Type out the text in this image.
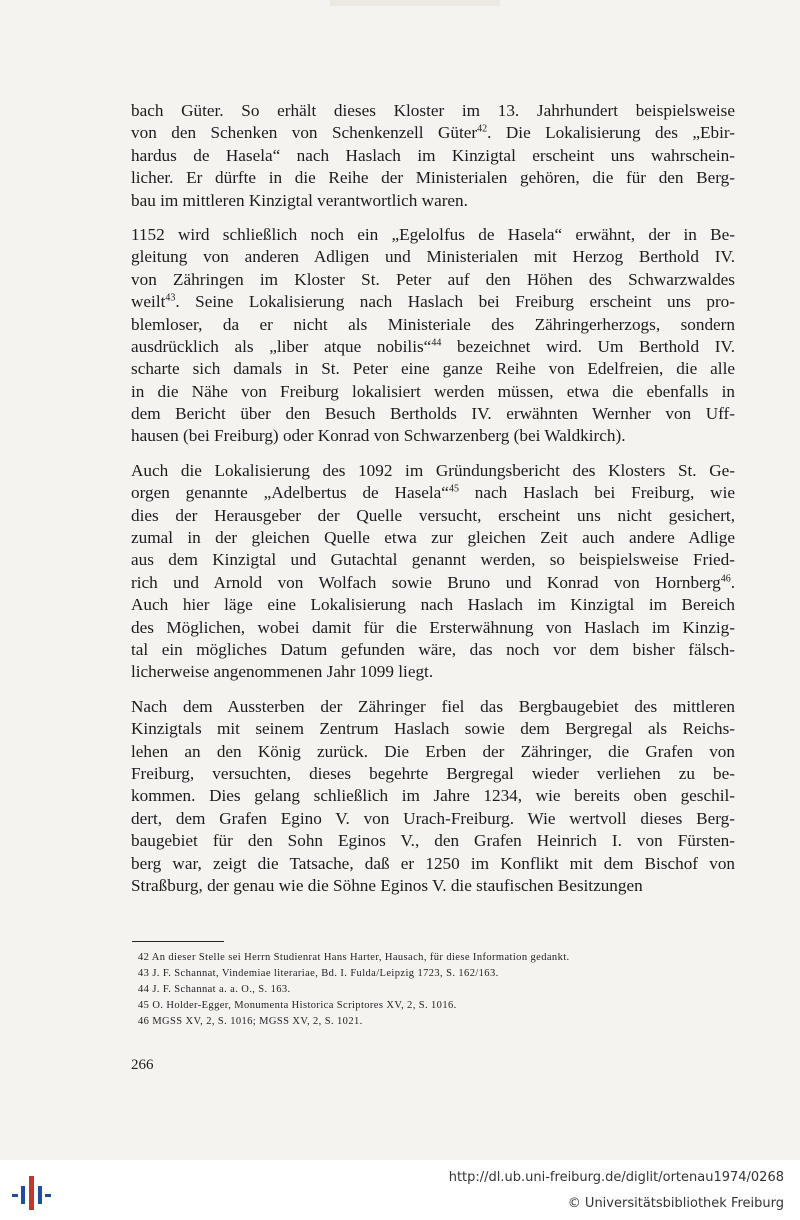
bach Güter. So erhält dieses Kloster im 13. Jahrhundert beispielsweise
von den Schenken von Schenkenzell Güter$^{42}$. Die Lokalisierung des „Ebir-
hardus de Hasela“ nach Haslach im Kinzigtal erscheint uns wahrschein-
licher. Er dürfte in die Reihe der Ministerialen gehören, die für den Berg-
bau im mittleren Kinzigtal verantwortlich waren.

1152 wird schließlich noch ein „Egelolfus de Hasela“ erwähnt, der in Be-
gleitung von anderen Adligen und Ministerialen mit Herzog Berthold IV.
von Zähringen im Kloster St. Peter auf den Höhen des Schwarzwaldes
weilt$^{43}$. Seine Lokalisierung nach Haslach bei Freiburg erscheint uns pro-
blemloser, da er nicht als Ministeriale des Zähringerherzogs, sondern
ausdrücklich als „liber atque nobilis“$^{44}$ bezeichnet wird. Um Berthold IV.
scharte sich damals in St. Peter eine ganze Reihe von Edelfreien, die alle
in die Nähe von Freiburg lokalisiert werden müssen, etwa die ebenfalls in
dem Bericht über den Besuch Bertholds IV. erwähnten Wernher von Uff-
hausen (bei Freiburg) oder Konrad von Schwarzenberg (bei Waldkirch).

Auch die Lokalisierung des 1092 im Gründungsbericht des Klosters St. Ge-
orgen genannte „Adelbertus de Hasela“$^{45}$ nach Haslach bei Freiburg, wie
dies der Herausgeber der Quelle versucht, erscheint uns nicht gesichert,
zumal in der gleichen Quelle etwa zur gleichen Zeit auch andere Adlige
aus dem Kinzigtal und Gutachtal genannt werden, so beispielsweise Fried-
rich und Arnold von Wolfach sowie Bruno und Konrad von Hornberg$^{46}$.
Auch hier läge eine Lokalisierung nach Haslach im Kinzigtal im Bereich
des Möglichen, wobei damit für die Ersterwähnung von Haslach im Kinzig-
tal ein mögliches Datum gefunden wäre, das noch vor dem bisher fälsch-
licherweise angenommenen Jahr 1099 liegt.

Nach dem Aussterben der Zähringer fiel das Bergbaugebiet des mittleren
Kinzigtals mit seinem Zentrum Haslach sowie dem Bergregal als Reichs-
lehen an den König zurück. Die Erben der Zähringer, die Grafen von
Freiburg, versuchten, dieses begehrte Bergregal wieder verliehen zu be-
kommen. Dies gelang schließlich im Jahre 1234, wie bereits oben geschil-
dert, dem Grafen Egino V. von Urach-Freiburg. Wie wertvoll dieses Berg-
baugebiet für den Sohn Eginos V., den Grafen Heinrich I. von Fürsten-
berg war, zeigt die Tatsache, daß er 1250 im Konflikt mit dem Bischof von
Straßburg, der genau wie die Söhne Eginos V. die staufischen Besitzungen

42 An dieser Stelle sei Herrn Studienrat Hans Harter, Hausach, für diese Information gedankt.
43 J. F. Schannat, Vindemiae literariae, Bd. I. Fulda/Leipzig 1723, S. 162/163.
44 J. F. Schannat a. a. O., S. 163.
45 O. Holder-Egger, Monumenta Historica Scriptores XV, 2, S. 1016.
46 MGSS XV, 2, S. 1016; MGSS XV, 2, S. 1021.
266
http://dl.ub.uni-freiburg.de/diglit/ortenau1974/0268
© Universitätsbibliothek Freiburg
